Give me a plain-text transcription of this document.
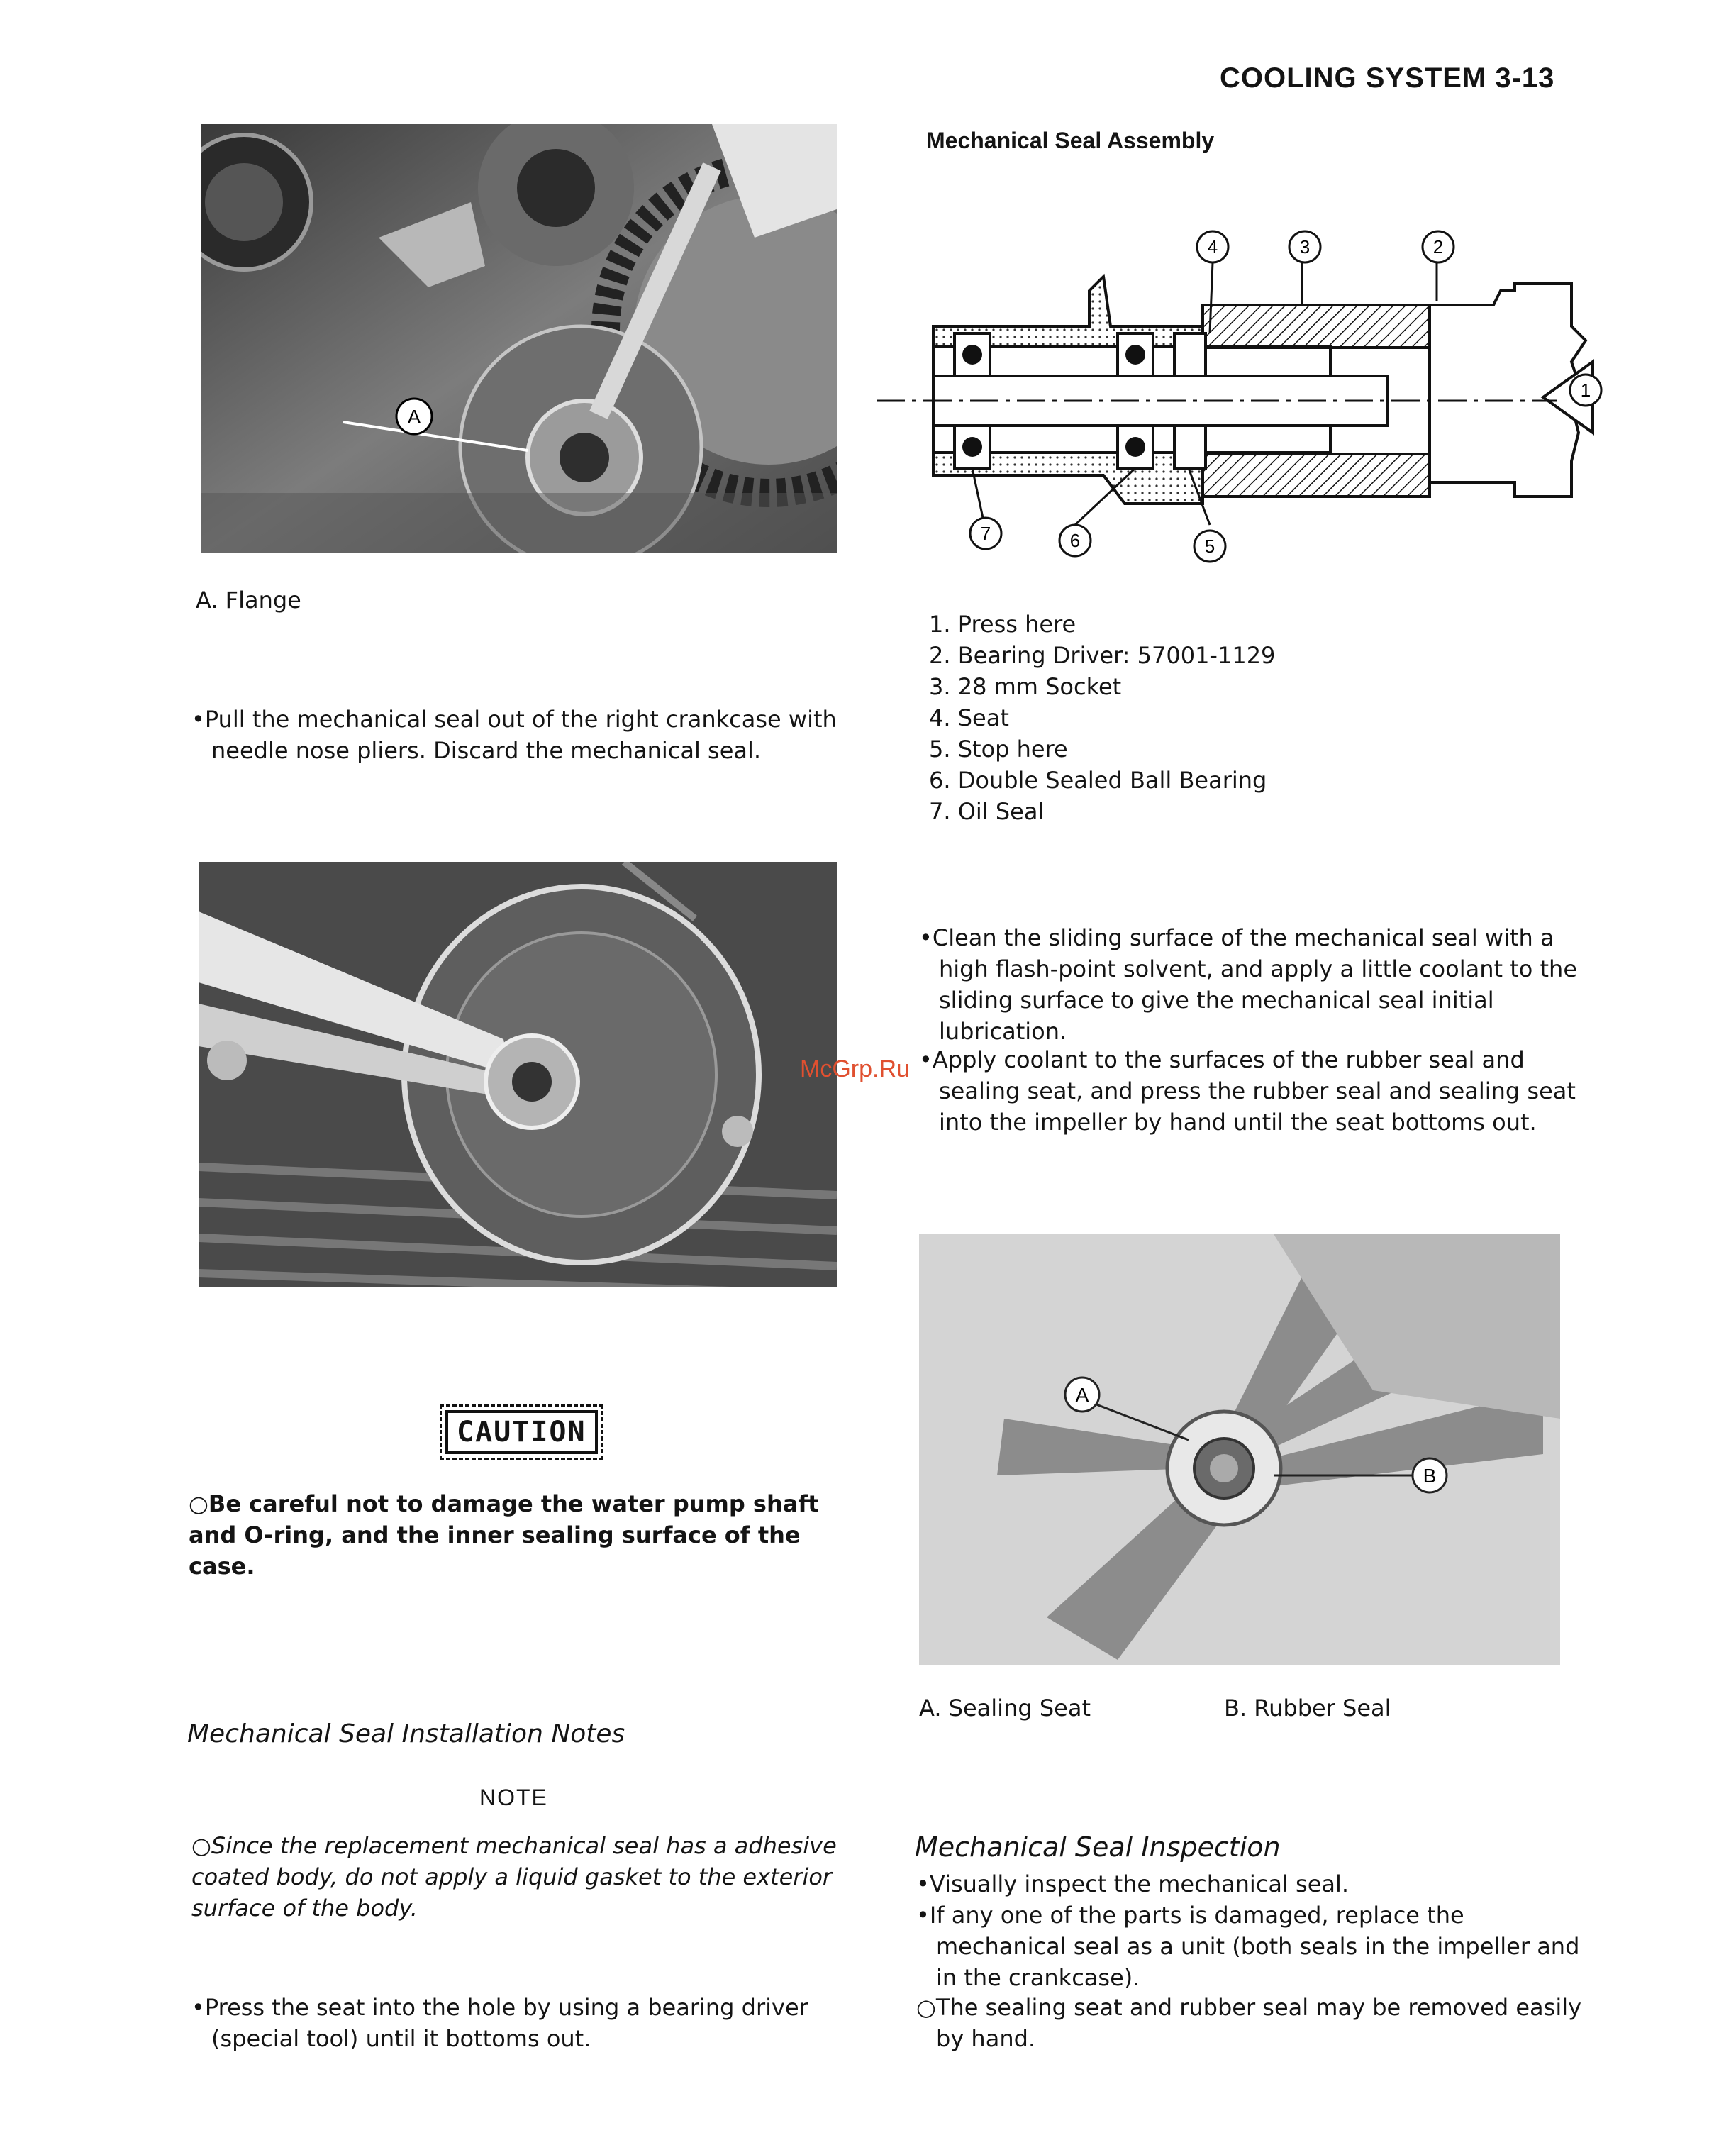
COOLING SYSTEM 3-13
A
A. Flange
•Pull the mechanical seal out of the right crankcase with needle nose pliers. Discard the mechanical seal.
CAUTION
○Be careful not to damage the water pump shaft and O-ring, and the inner sealing surface of the case.
Mechanical Seal Installation Notes
NOTE
○Since the replacement mechanical seal has a adhesive coated body, do not apply a liquid gasket to the exterior surface of the body.
•Press the seat into the hole by using a bearing driver (special tool) until it bottoms out.
Mechanical Seal Assembly
1
2
3
4
5
6
7
1. Press here
2. Bearing Driver: 57001-1129
3. 28 mm Socket
4. Seat
5. Stop here
6. Double Sealed Ball Bearing
7. Oil Seal
•Clean the sliding surface of the mechanical seal with a high flash-point solvent, and apply a little coolant to the sliding surface to give the mechanical seal initial lubrication.
•Apply coolant to the surfaces of the rubber seal and sealing seat, and press the rubber seal and sealing seat into the impeller by hand until the seat bottoms out.
McGrp.Ru
A
B
A. Sealing Seat	B. Rubber Seal
Mechanical Seal Inspection
•Visually inspect the mechanical seal.
•If any one of the parts is damaged, replace the mechanical seal as a unit (both seals in the impeller and in the crankcase).
○The sealing seat and rubber seal may be removed easily by hand.
